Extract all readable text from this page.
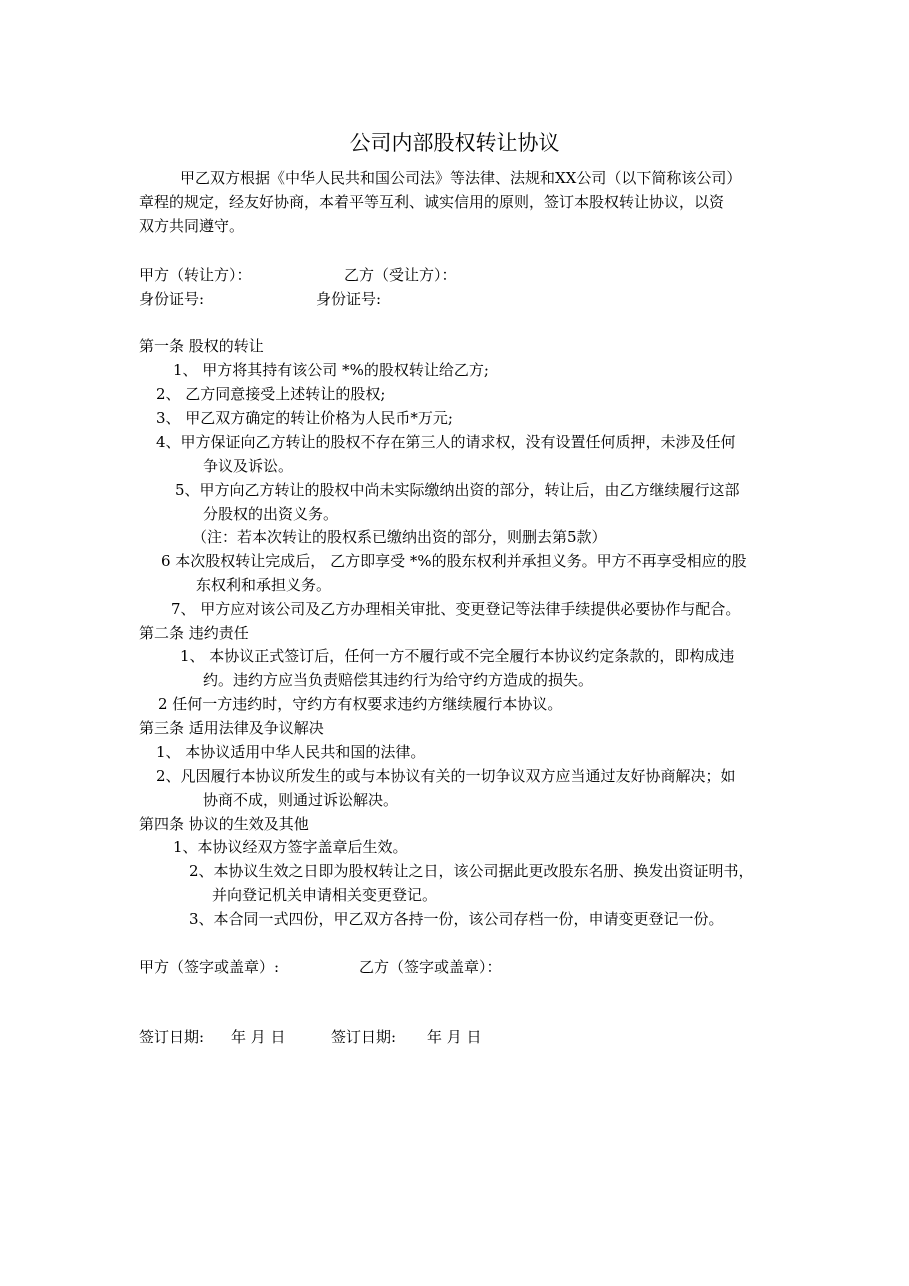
公司内部股权转让协议
甲乙双方根据《中华人民共和国公司法》等法律、法规和XX公司（以下简称该公司）
章程的规定，经友好协商，本着平等互利、诚实信用的原则，签订本股权转让协议，以资
双方共同遵守。
甲方（转让方）：	乙方（受让方）：
身份证号:	身份证号:
第一条 股权的转让
1、 甲方将其持有该公司 *%的股权转让给乙方;
2、 乙方同意接受上述转让的股权;
3、 甲乙双方确定的转让价格为人民币*万元;
4、甲方保证向乙方转让的股权不存在第三人的请求权，没有设置任何质押，未涉及任何
争议及诉讼。
5、甲方向乙方转让的股权中尚未实际缴纳出资的部分，转让后，由乙方继续履行这部
分股权的出资义务。
（注：若本次转让的股权系已缴纳出资的部分，则删去第5款）
6 本次股权转让完成后， 乙方即享受 *%的股东权利并承担义务。甲方不再享受相应的股
东权利和承担义务。
7、 甲方应对该公司及乙方办理相关审批、变更登记等法律手续提供必要协作与配合。
第二条 违约责任
1、 本协议正式签订后，任何一方不履行或不完全履行本协议约定条款的，即构成违
约。违约方应当负责赔偿其违约行为给守约方造成的损失。
2 任何一方违约时，守约方有权要求违约方继续履行本协议。
第三条 适用法律及争议解决
1、 本协议适用中华人民共和国的法律。
2、凡因履行本协议所发生的或与本协议有关的一切争议双方应当通过友好协商解决；如
协商不成，则通过诉讼解决。
第四条 协议的生效及其他
1、本协议经双方签字盖章后生效。
2、本协议生效之日即为股权转让之日，该公司据此更改股东名册、换发出资证明书，
并向登记机关申请相关变更登记。
3、本合同一式四份，甲乙双方各持一份，该公司存档一份，申请变更登记一份。
甲方（签字或盖章）:	乙方（签字或盖章）：
签订日期: 年 月 日	签订日期: 年 月 日
